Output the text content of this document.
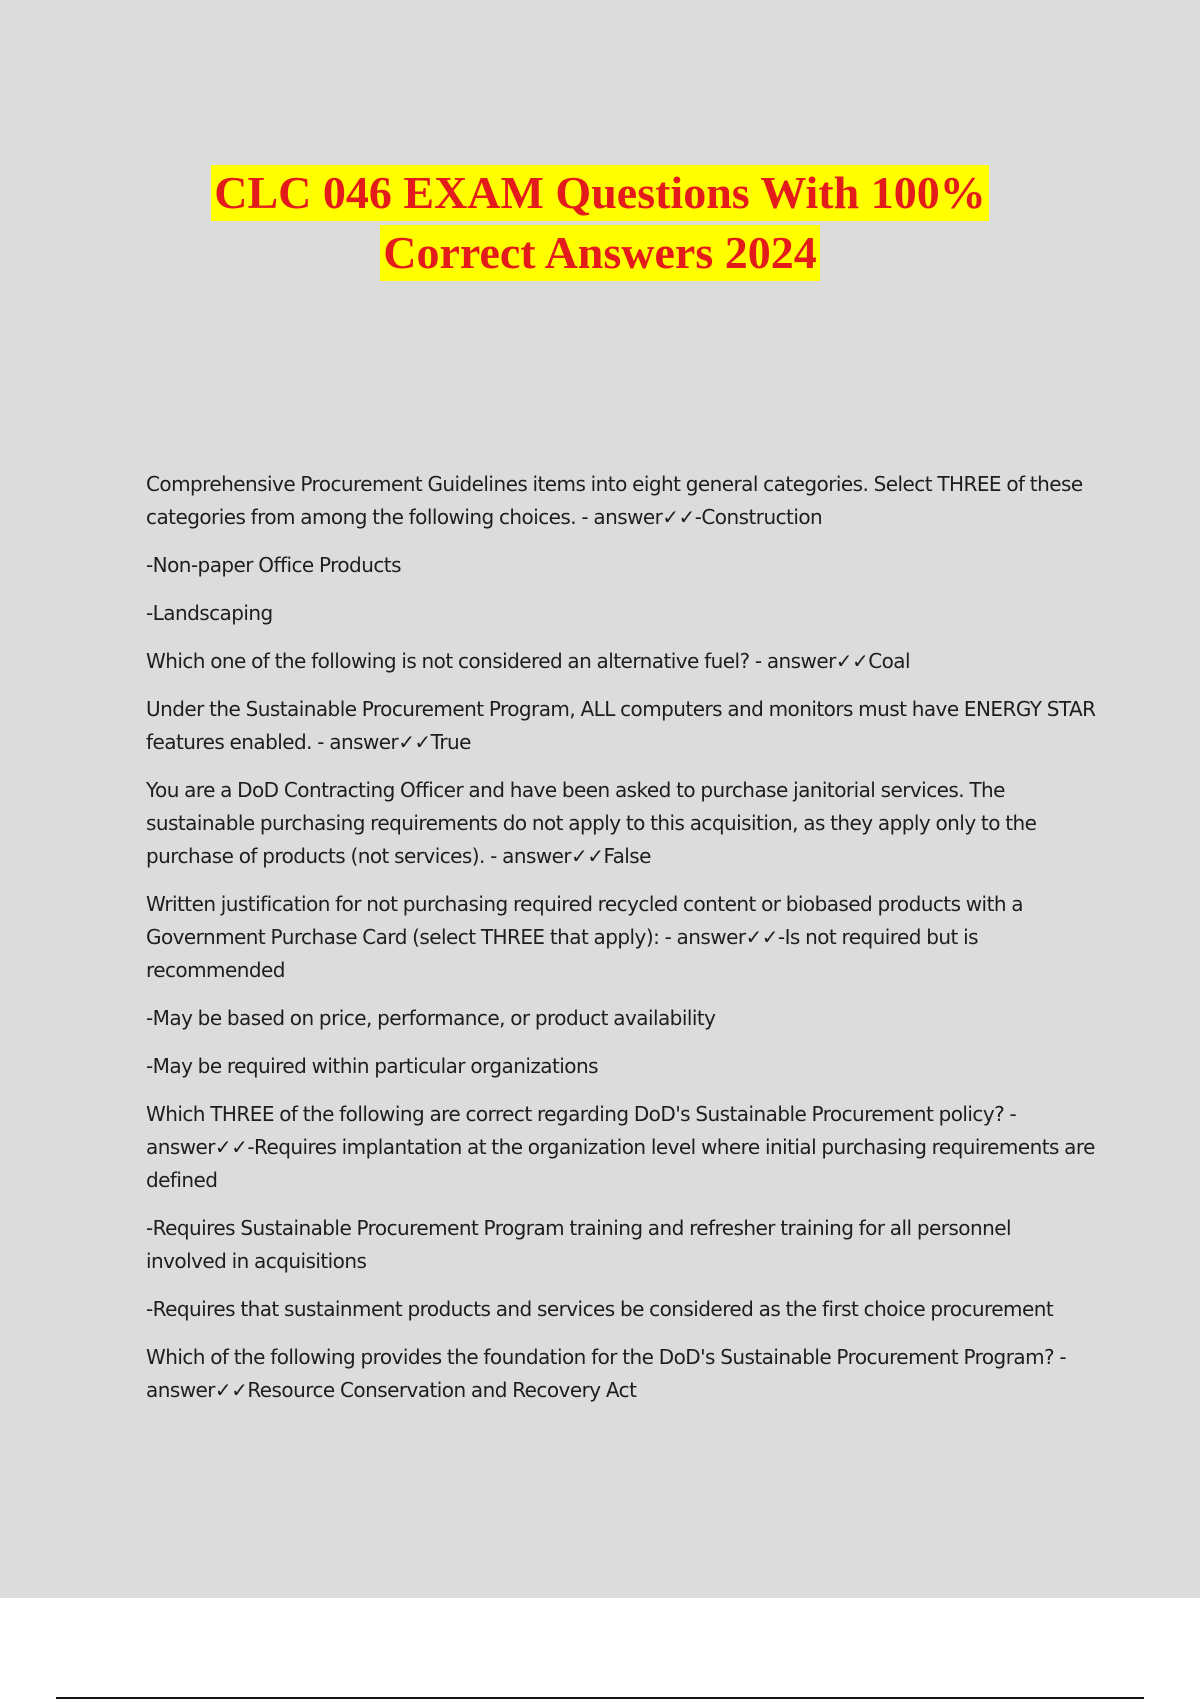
CLC 046 EXAM Questions With 100%
Correct Answers 2024

Comprehensive Procurement Guidelines items into eight general categories. Select THREE of these categories from among the following choices. - answer✓✓-Construction

-Non-paper Office Products

-Landscaping

Which one of the following is not considered an alternative fuel? - answer✓✓Coal

Under the Sustainable Procurement Program, ALL computers and monitors must have ENERGY STAR features enabled. - answer✓✓True

You are a DoD Contracting Officer and have been asked to purchase janitorial services. The sustainable purchasing requirements do not apply to this acquisition, as they apply only to the purchase of products (not services). - answer✓✓False

Written justification for not purchasing required recycled content or biobased products with a Government Purchase Card (select THREE that apply): - answer✓✓-Is not required but is recommended

-May be based on price, performance, or product availability

-May be required within particular organizations

Which THREE of the following are correct regarding DoD's Sustainable Procurement policy? - answer✓✓-Requires implantation at the organization level where initial purchasing requirements are defined

-Requires Sustainable Procurement Program training and refresher training for all personnel involved in acquisitions

-Requires that sustainment products and services be considered as the first choice procurement

Which of the following provides the foundation for the DoD's Sustainable Procurement Program? - answer✓✓Resource Conservation and Recovery Act
